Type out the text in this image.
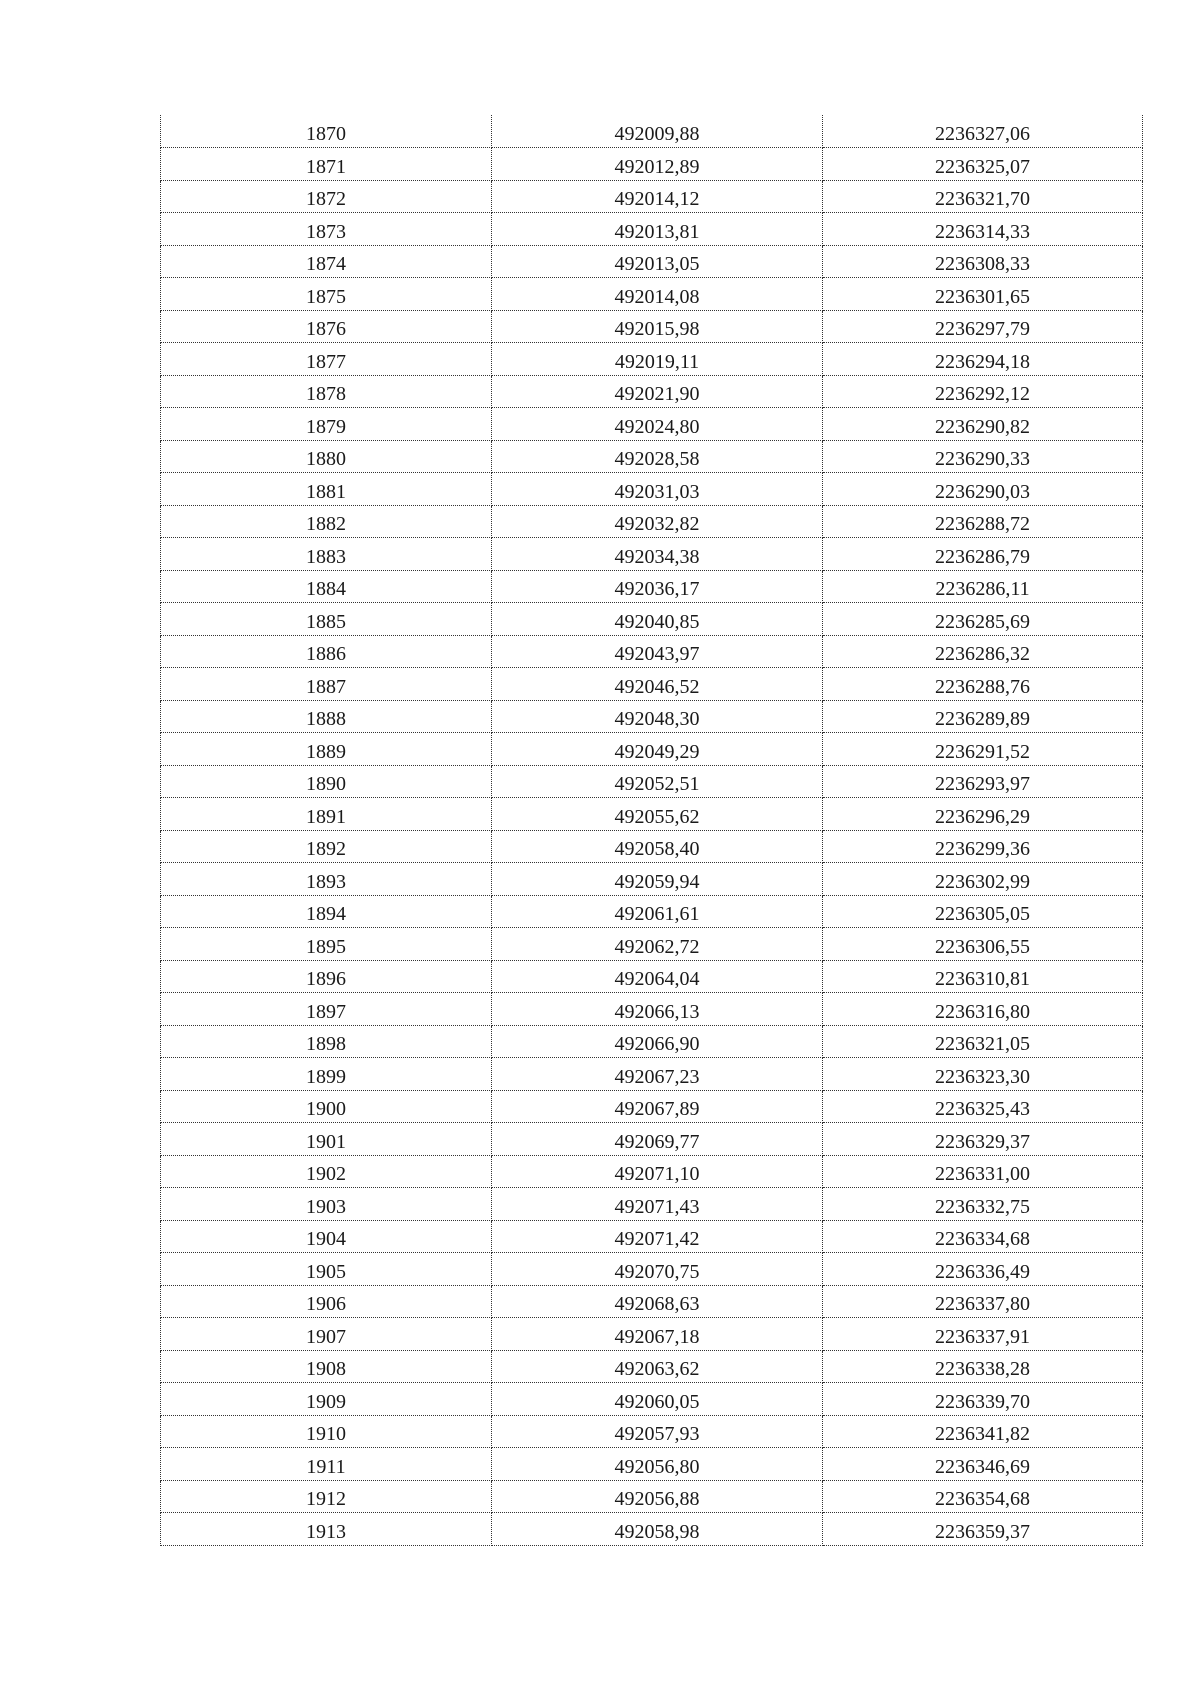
1870	492009,88	2236327,06
1871	492012,89	2236325,07
1872	492014,12	2236321,70
1873	492013,81	2236314,33
1874	492013,05	2236308,33
1875	492014,08	2236301,65
1876	492015,98	2236297,79
1877	492019,11	2236294,18
1878	492021,90	2236292,12
1879	492024,80	2236290,82
1880	492028,58	2236290,33
1881	492031,03	2236290,03
1882	492032,82	2236288,72
1883	492034,38	2236286,79
1884	492036,17	2236286,11
1885	492040,85	2236285,69
1886	492043,97	2236286,32
1887	492046,52	2236288,76
1888	492048,30	2236289,89
1889	492049,29	2236291,52
1890	492052,51	2236293,97
1891	492055,62	2236296,29
1892	492058,40	2236299,36
1893	492059,94	2236302,99
1894	492061,61	2236305,05
1895	492062,72	2236306,55
1896	492064,04	2236310,81
1897	492066,13	2236316,80
1898	492066,90	2236321,05
1899	492067,23	2236323,30
1900	492067,89	2236325,43
1901	492069,77	2236329,37
1902	492071,10	2236331,00
1903	492071,43	2236332,75
1904	492071,42	2236334,68
1905	492070,75	2236336,49
1906	492068,63	2236337,80
1907	492067,18	2236337,91
1908	492063,62	2236338,28
1909	492060,05	2236339,70
1910	492057,93	2236341,82
1911	492056,80	2236346,69
1912	492056,88	2236354,68
1913	492058,98	2236359,37
